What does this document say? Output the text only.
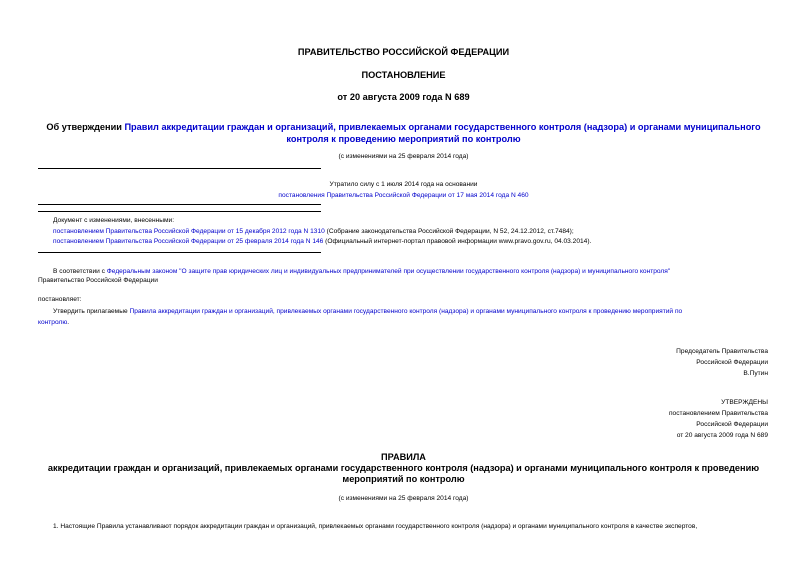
ПРАВИТЕЛЬСТВО РОССИЙСКОЙ ФЕДЕРАЦИИ
ПОСТАНОВЛЕНИЕ
от 20 августа 2009 года N 689
Об утверждении Правил аккредитации граждан и организаций, привлекаемых органами государственного контроля (надзора) и органами муниципального
контроля к проведению мероприятий по контролю
(с изменениями на 25 февраля 2014 года)
Утратило силу с 1 июля 2014 года на основании
постановления Правительства Российской Федерации от 17 мая 2014 года N 460
Документ с изменениями, внесенными:
постановлением Правительства Российской Федерации от 15 декабря 2012 года N 1310 (Собрание законодательства Российской Федерации, N 52, 24.12.2012, ст.7484);
постановлением Правительства Российской Федерации от 25 февраля 2014 года N 146 (Официальный интернет-портал правовой информации www.pravo.gov.ru, 04.03.2014).
В соответствии с Федеральным законом "О защите прав юридических лиц и индивидуальных предпринимателей при осуществлении государственного контроля (надзора) и муниципального контроля"
Правительство Российской Федерации
постановляет:
Утвердить прилагаемые Правила аккредитации граждан и организаций, привлекаемых органами государственного контроля (надзора) и органами муниципального контроля к проведению мероприятий по
контролю.
Председатель Правительства
Российской Федерации
В.Путин
УТВЕРЖДЕНЫ
постановлением Правительства
Российской Федерации
от 20 августа 2009 года N 689
ПРАВИЛА
аккредитации граждан и организаций, привлекаемых органами государственного контроля (надзора) и органами муниципального контроля к проведению
мероприятий по контролю
(с изменениями на 25 февраля 2014 года)
1. Настоящие Правила устанавливают порядок аккредитации граждан и организаций, привлекаемых органами государственного контроля (надзора) и органами муниципального контроля в качестве экспертов,
